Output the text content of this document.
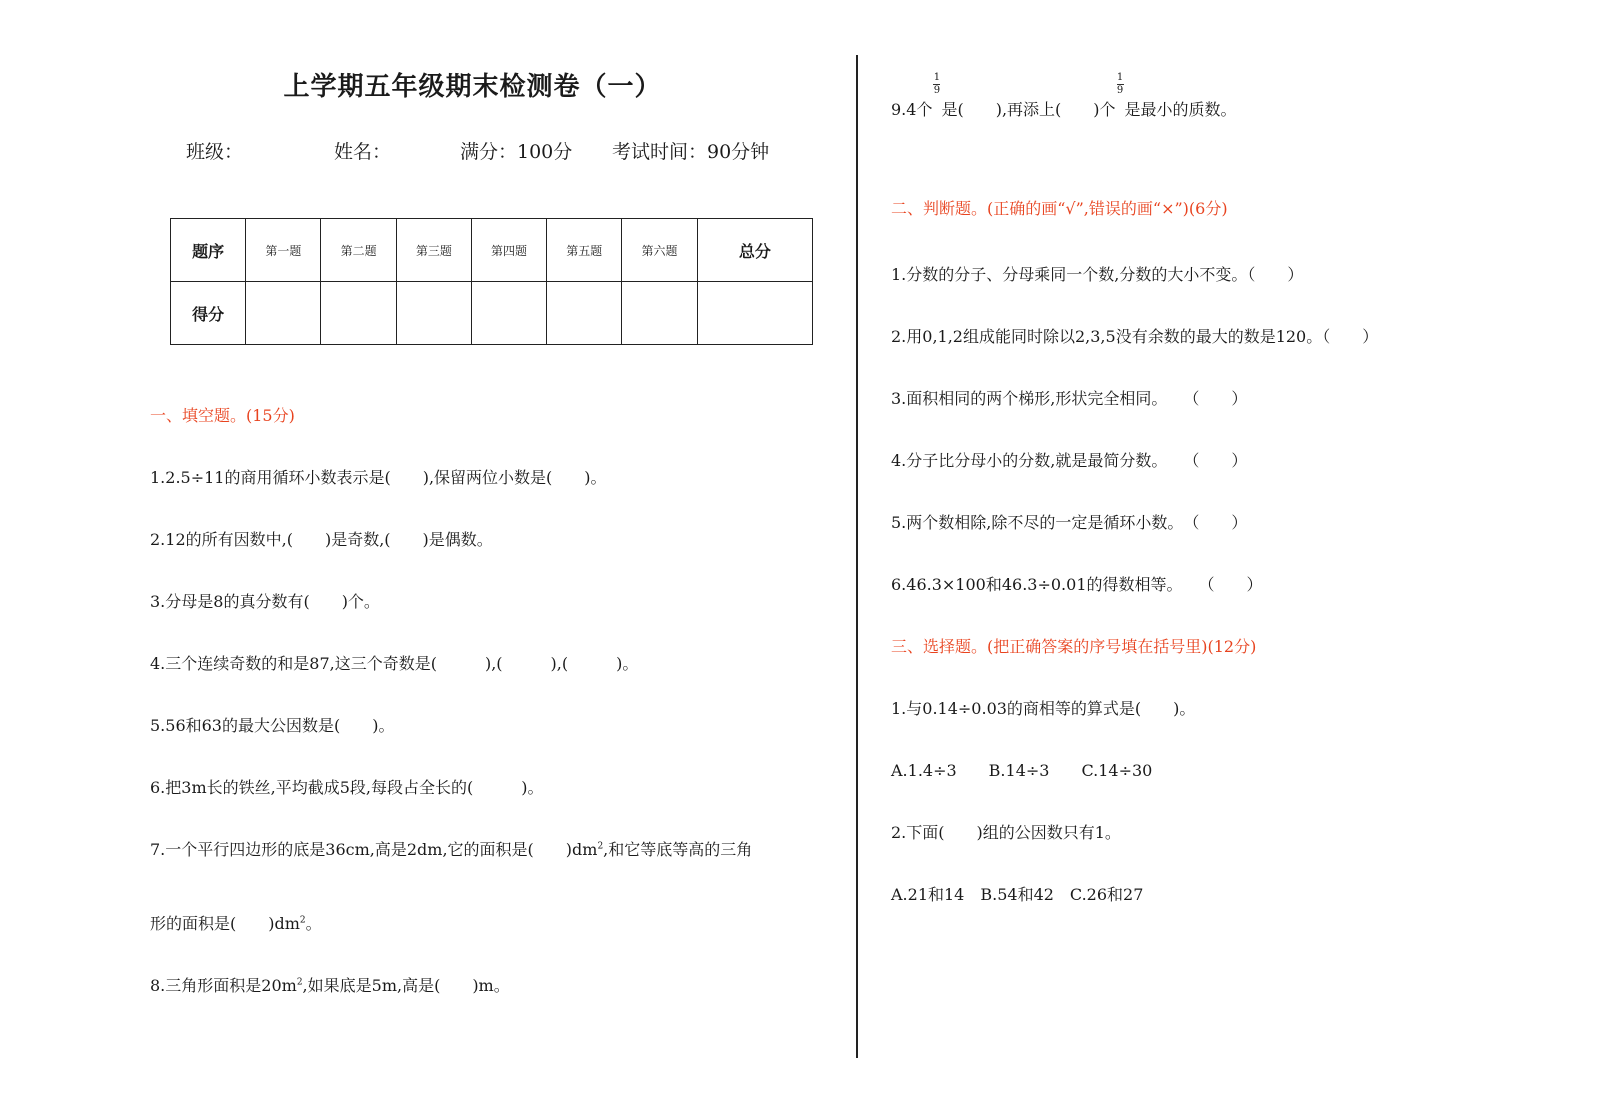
上学期五年级期末检测卷（一）
班级：	姓名：	满分：100分 考试时间：90分钟
题序	第一题	第二题	第三题	第四题	第五题	第六题	总分
得分							
一、填空题。(15分)
1.2.5÷11的商用循环小数表示是(　　),保留两位小数是(　　)。
2.12的所有因数中,(　　)是奇数,(　　)是偶数。
3.分母是8的真分数有(　　)个。
4.三个连续奇数的和是87,这三个奇数是(　　　),(　　　),(　　　)。
5.56和63的最大公因数是(　　)。
6.把3m长的铁丝,平均截成5段,每段占全长的(　　　)。
7.一个平行四边形的底是36cm,高是2dm,它的面积是(　　)$dm^2$,和它等底等高的三角
形的面积是(　　)$dm^2$。
8.三角形面积是$20m^2$,如果底是5m,高是(　　)m。
9.4个
$\frac{1}{9}$
是(　　),再添上(　　)个
$\frac{1}{9}$
是最小的质数。
二、判断题。(正确的画“√”,错误的画“×”)(6分)
1.分数的分子、分母乘同一个数,分数的大小不变。（　　）
2.用0,1,2组成能同时除以2,3,5没有余数的最大的数是120。（　　）
3.面积相同的两个梯形,形状完全相同。　　（　　）
4.分子比分母小的分数,就是最简分数。　　（　　）
5.两个数相除,除不尽的一定是循环小数。　（　　）
6.46.3×100和46.3÷0.01的得数相等。　　（　　）
三、选择题。(把正确答案的序号填在括号里)(12分)
1.与0.14÷0.03的商相等的算式是(　　)。
A.1.4÷3　　B.14÷3　　C.14÷30
2.下面(　　)组的公因数只有1。
A.21和14　B.54和42　C.26和27
